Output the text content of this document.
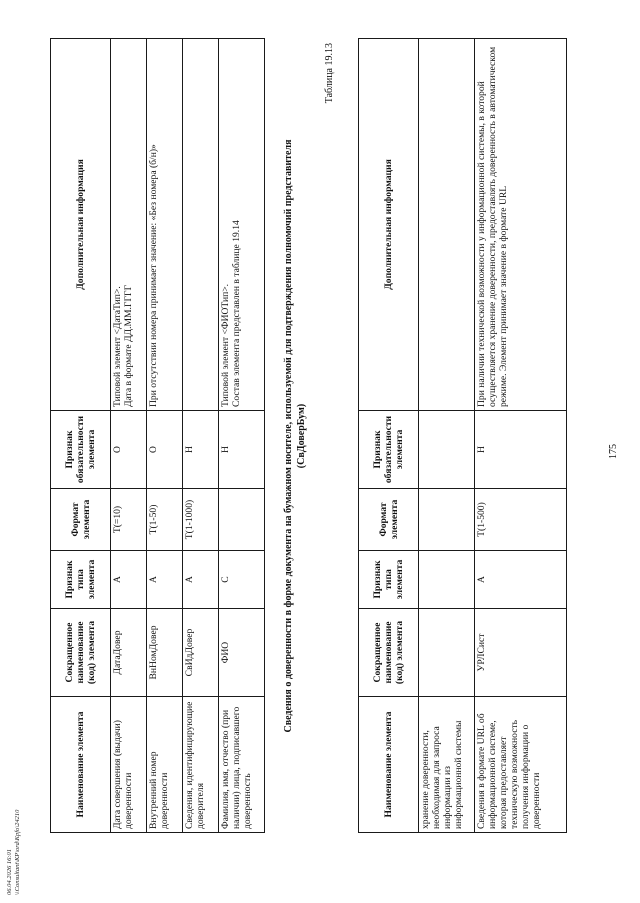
06.04.2026 16:01 \\Consultant\KP\ord\Kpfo\24210
175
Наименование элемента	Сокращенное наименование (код) элемента	Признак типа элемента	Формат элемента	Признак обязательности элемента	Дополнительная информация
хранение доверенности, необходимая для запроса информации из информационной системы					
Сведения в формате URL об информационной системе, которая предоставляет техническую возможность получения информации о доверенности	УРЛСист	А	T(1-500)	Н	При наличии технической возможности у информационной системы, в которой осуществляется хранение доверенности, предоставлять доверенность в автоматическом режиме. Элемент принимает значение в формате URL
Таблица 19.13
Сведения о доверенности в форме документа на бумажном носителе, используемой для подтверждения полномочий представителя (СвДоверБум)
Наименование элемента	Сокращенное наименование (код) элемента	Признак типа элемента	Формат элемента	Признак обязательности элемента	Дополнительная информация
Дата совершения (выдачи) доверенности	ДатаДовер	А	T(=10)	О	Типовой элемент <ДатаТип>.
Дата в формате ДД.ММ.ГГГГ
Внутренний номер доверенности	ВнНомДовер	А	T(1-50)	О	При отсутствии номера принимает значение: «Без номера (б/н)»
Сведения, идентифицирующие доверителя	СвИдДовер	А	T(1-1000)	Н	
Фамилия, имя, отчество (при наличии) лица, подписавшего доверенность	ФИО	С		Н	Типовой элемент <ФИОТип>.
Состав элемента представлен в таблице 19.14
